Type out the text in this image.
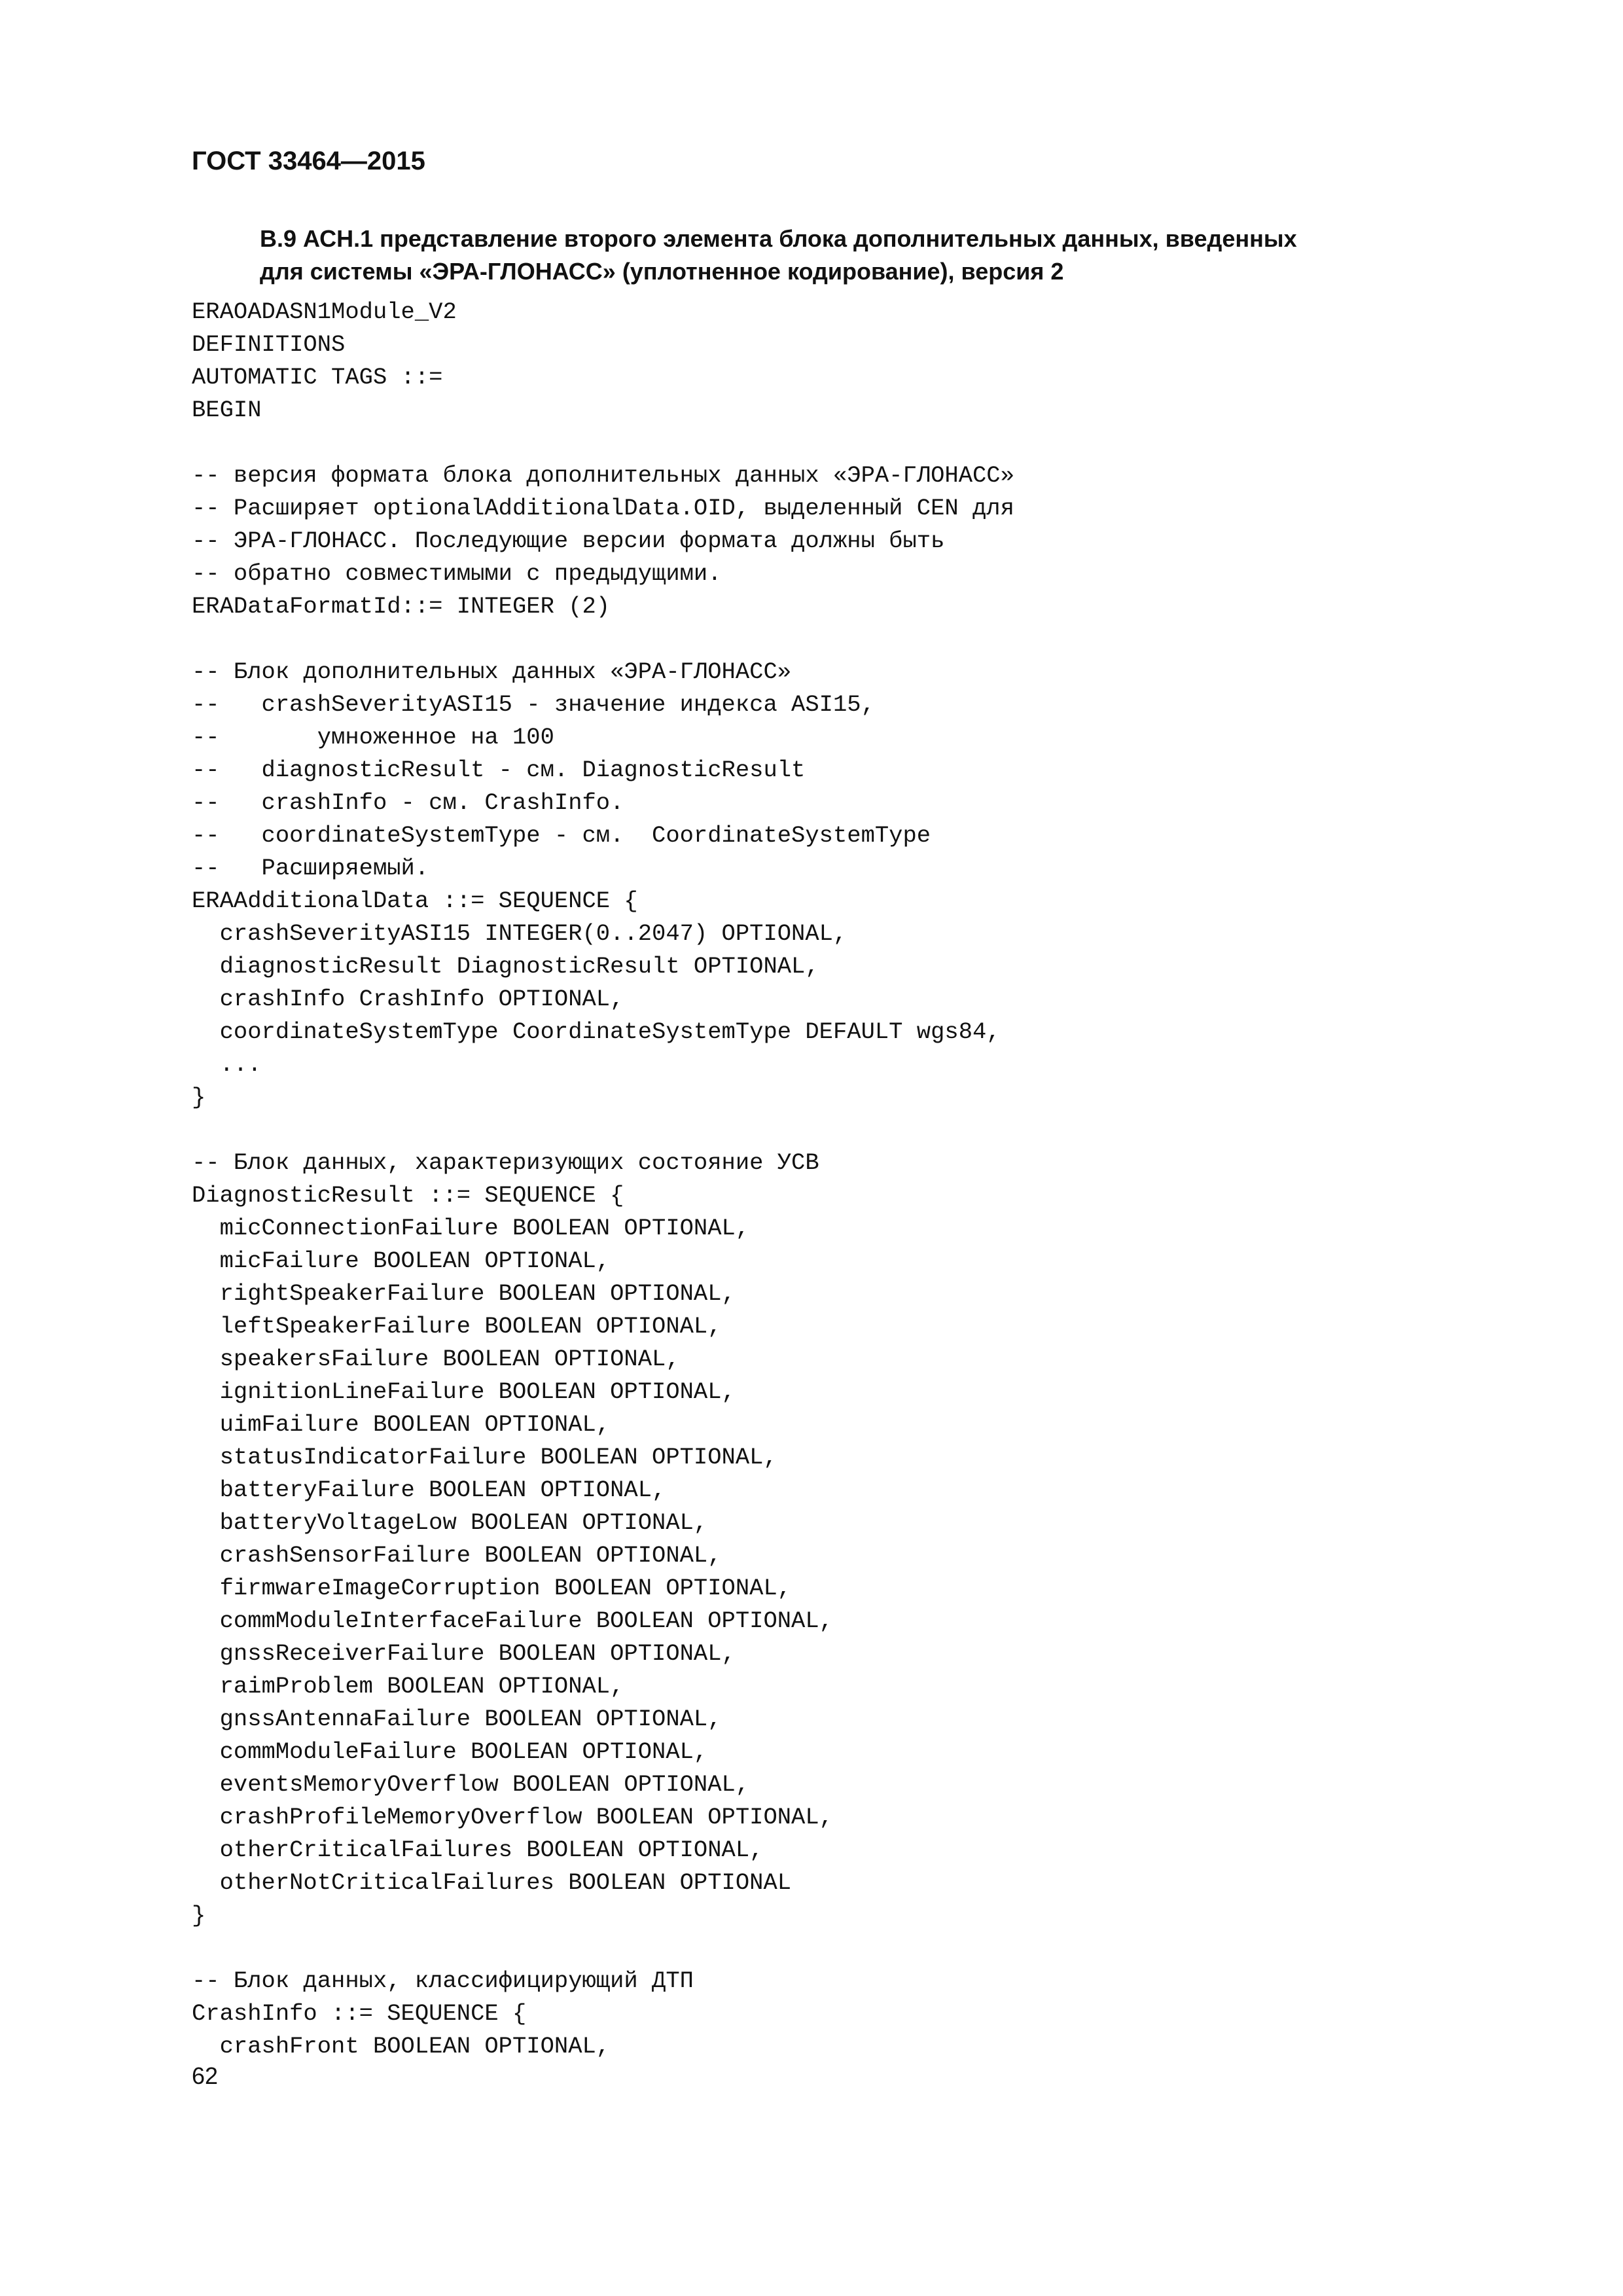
ГОСТ 33464—2015
В.9 АСН.1 представление второго элемента блока дополнительных данных, введенных
для системы «ЭРА-ГЛОНАСС» (уплотненное кодирование), версия 2
ERAOADASN1Module_V2
DEFINITIONS
AUTOMATIC TAGS ::=
BEGIN
-- версия формата блока дополнительных данных «ЭРА-ГЛОНАСС»
-- Расширяет optionalAdditionalData.OID, выделенный CEN для
-- ЭРА-ГЛОНАСС. Последующие версии формата должны быть
-- обратно совместимыми с предыдущими.
ERADataFormatId::= INTEGER (2)
-- Блок дополнительных данных «ЭРА-ГЛОНАСС»
--   crashSeverityASI15 - значение индекса ASI15,
--       умноженное на 100
--   diagnosticResult - см. DiagnosticResult
--   crashInfo - см. CrashInfo.
--   coordinateSystemType - см.  CoordinateSystemType
--   Расширяемый.
ERAAdditionalData ::= SEQUENCE {
crashSeverityASI15 INTEGER(0..2047) OPTIONAL,
diagnosticResult DiagnosticResult OPTIONAL,
crashInfo CrashInfo OPTIONAL,
coordinateSystemType CoordinateSystemType DEFAULT wgs84,
...
}
-- Блок данных, характеризующих состояние УСВ
DiagnosticResult ::= SEQUENCE {
micConnectionFailure BOOLEAN OPTIONAL,
micFailure BOOLEAN OPTIONAL,
rightSpeakerFailure BOOLEAN OPTIONAL,
leftSpeakerFailure BOOLEAN OPTIONAL,
speakersFailure BOOLEAN OPTIONAL,
ignitionLineFailure BOOLEAN OPTIONAL,
uimFailure BOOLEAN OPTIONAL,
statusIndicatorFailure BOOLEAN OPTIONAL,
batteryFailure BOOLEAN OPTIONAL,
batteryVoltageLow BOOLEAN OPTIONAL,
crashSensorFailure BOOLEAN OPTIONAL,
firmwareImageCorruption BOOLEAN OPTIONAL,
commModuleInterfaceFailure BOOLEAN OPTIONAL,
gnssReceiverFailure BOOLEAN OPTIONAL,
raimProblem BOOLEAN OPTIONAL,
gnssAntennaFailure BOOLEAN OPTIONAL,
commModuleFailure BOOLEAN OPTIONAL,
eventsMemoryOverflow BOOLEAN OPTIONAL,
crashProfileMemoryOverflow BOOLEAN OPTIONAL,
otherCriticalFailures BOOLEAN OPTIONAL,
otherNotCriticalFailures BOOLEAN OPTIONAL
}
-- Блок данных, классифицирующий ДТП
CrashInfo ::= SEQUENCE {
crashFront BOOLEAN OPTIONAL,
62
